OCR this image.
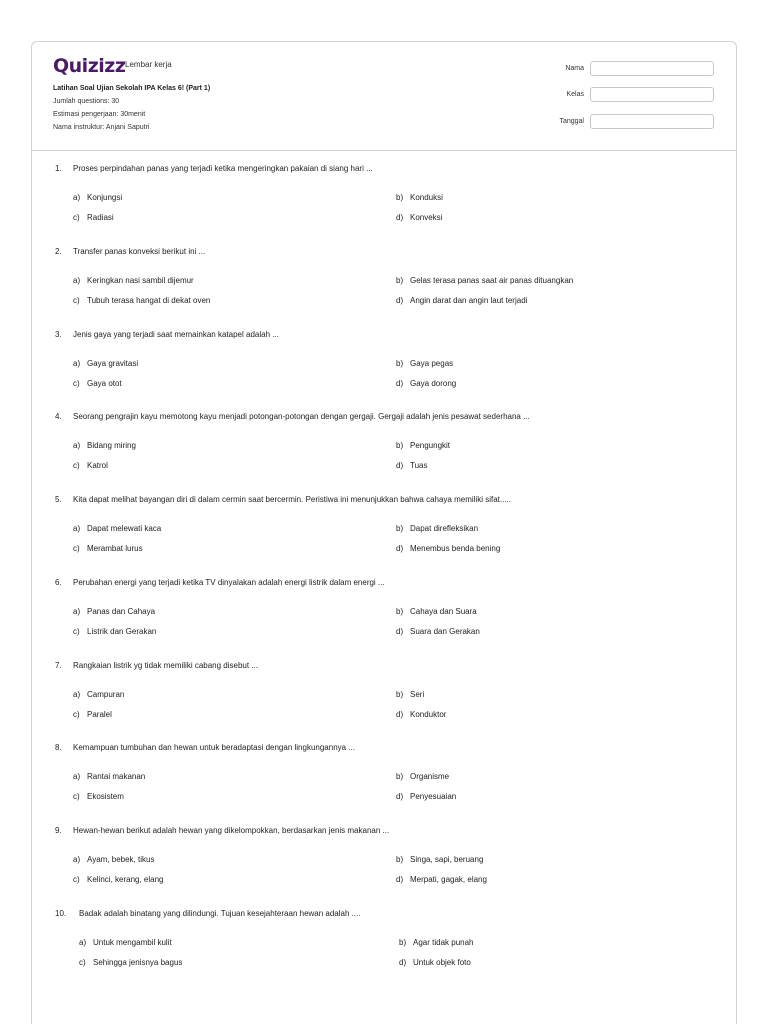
Quizizz Lembar kerja
Latihan Soal Ujian Sekolah IPA Kelas 6! (Part 1)
Jumlah questions: 30
Estimasi pengerjaan: 30menit
Nama instruktur: Anjani Saputri
Nama
Kelas
Tanggal
1. Proses perpindahan panas yang terjadi ketika mengeringkan pakaian di siang hari ...
a) Konjungsi	b) Konduksi
c) Radiasi	d) Konveksi
2. Transfer panas konveksi berikut ini ...
a) Keringkan nasi sambil dijemur	b) Gelas terasa panas saat air panas dituangkan
c) Tubuh terasa hangat di dekat oven	d) Angin darat dan angin laut terjadi
3. Jenis gaya yang terjadi saat memainkan katapel adalah ...
a) Gaya gravitasi	b) Gaya pegas
c) Gaya otot	d) Gaya dorong
4. Seorang pengrajin kayu memotong kayu menjadi potongan-potongan dengan gergaji. Gergaji adalah jenis pesawat sederhana ...
a) Bidang miring	b) Pengungkit
c) Katrol	d) Tuas
5. Kita dapat melihat bayangan diri di dalam cermin saat bercermin. Peristiwa ini menunjukkan bahwa cahaya memiliki sifat.....
a) Dapat melewati kaca	b) Dapat direfleksikan
c) Merambat lurus	d) Menembus benda bening
6. Perubahan energi yang terjadi ketika TV dinyalakan adalah energi listrik dalam energi ...
a) Panas dan Cahaya	b) Cahaya dan Suara
c) Listrik dan Gerakan	d) Suara dan Gerakan
7. Rangkaian listrik yg tidak memiliki cabang disebut ...
a) Campuran	b) Seri
c) Paralel	d) Konduktor
8. Kemampuan tumbuhan dan hewan untuk beradaptasi dengan lingkungannya ...
a) Rantai makanan	b) Organisme
c) Ekosistem	d) Penyesuaian
9. Hewan-hewan berikut adalah hewan yang dikelompokkan, berdasarkan jenis makanan ...
a) Ayam, bebek, tikus	b) Singa, sapi, beruang
c) Kelinci, kerang, elang	d) Merpati, gagak, elang
10. Badak adalah binatang yang dilindungi. Tujuan kesejahteraan hewan adalah ....
a) Untuk mengambil kulit	b) Agar tidak punah
c) Sehingga jenisnya bagus	d) Untuk objek foto
